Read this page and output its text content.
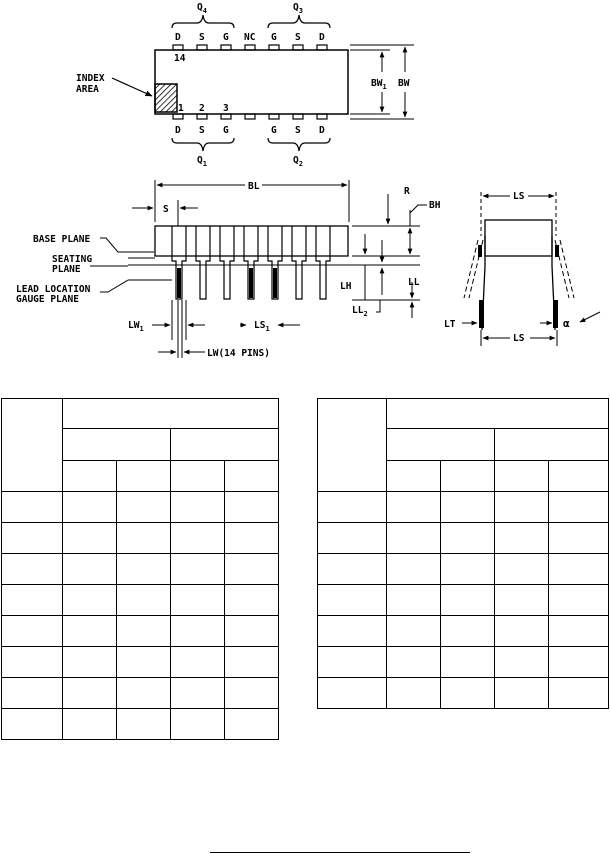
INDEX
AREA
$Q_4$	$Q_3$
$Q_1$	$Q_2$
D S G NC G S D
D S G	G S D
14
1 2 3
$BW_1$ BW
BL
S
R
BH
BASE PLANE
SEATING
PLANE
LEAD LOCATION
GAUGE PLANE
LH	LL
$LL_2$
$LW_1$	$LS_1$
LW(14 PINS)
LS
LS
LT	α
